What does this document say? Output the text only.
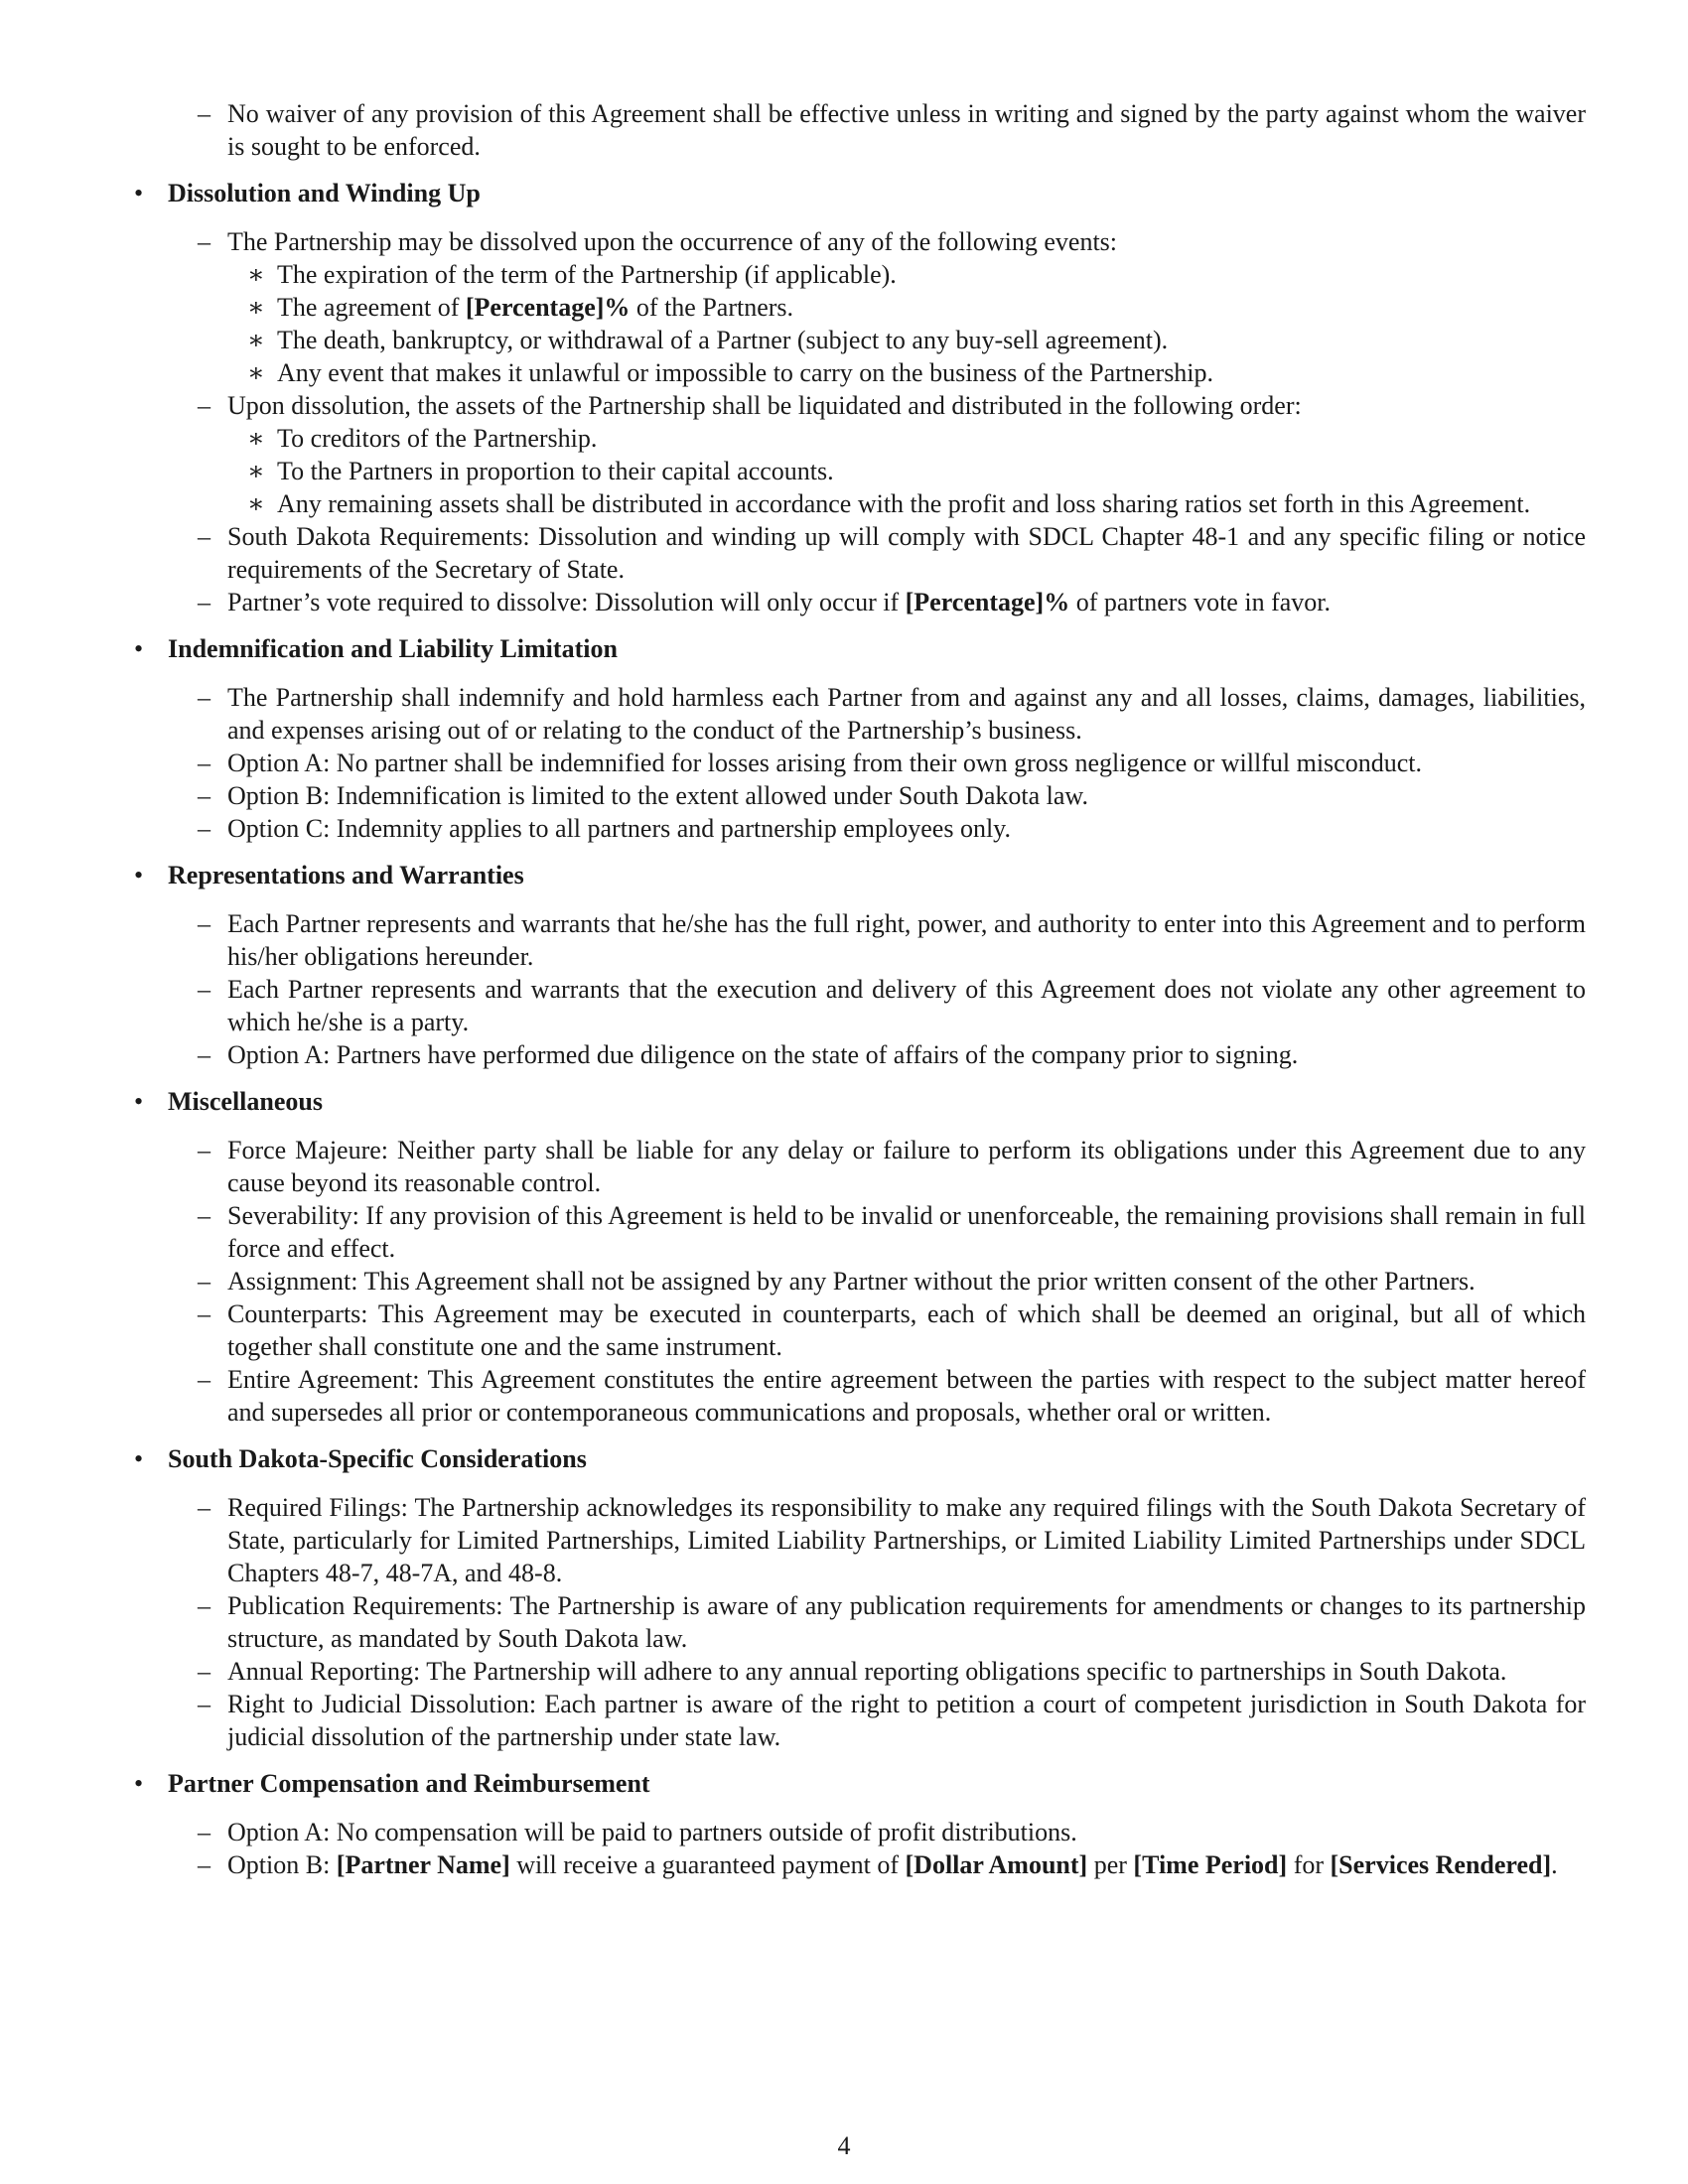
– No waiver of any provision of this Agreement shall be effective unless in writing and signed by the party against whom the waiver is sought to be enforced.
• Dissolution and Winding Up
– The Partnership may be dissolved upon the occurrence of any of the following events:
∗ The expiration of the term of the Partnership (if applicable).
∗ The agreement of [Percentage]% of the Partners.
∗ The death, bankruptcy, or withdrawal of a Partner (subject to any buy-sell agreement).
∗ Any event that makes it unlawful or impossible to carry on the business of the Partnership.
– Upon dissolution, the assets of the Partnership shall be liquidated and distributed in the following order:
∗ To creditors of the Partnership.
∗ To the Partners in proportion to their capital accounts.
∗ Any remaining assets shall be distributed in accordance with the profit and loss sharing ratios set forth in this Agreement.
– South Dakota Requirements: Dissolution and winding up will comply with SDCL Chapter 48-1 and any specific filing or notice requirements of the Secretary of State.
– Partner’s vote required to dissolve: Dissolution will only occur if [Percentage]% of partners vote in favor.
• Indemnification and Liability Limitation
– The Partnership shall indemnify and hold harmless each Partner from and against any and all losses, claims, damages, liabilities, and expenses arising out of or relating to the conduct of the Partnership’s business.
– Option A: No partner shall be indemnified for losses arising from their own gross negligence or willful misconduct.
– Option B: Indemnification is limited to the extent allowed under South Dakota law.
– Option C: Indemnity applies to all partners and partnership employees only.
• Representations and Warranties
– Each Partner represents and warrants that he/she has the full right, power, and authority to enter into this Agreement and to perform his/her obligations hereunder.
– Each Partner represents and warrants that the execution and delivery of this Agreement does not violate any other agreement to which he/she is a party.
– Option A: Partners have performed due diligence on the state of affairs of the company prior to signing.
• Miscellaneous
– Force Majeure: Neither party shall be liable for any delay or failure to perform its obligations under this Agreement due to any cause beyond its reasonable control.
– Severability: If any provision of this Agreement is held to be invalid or unenforceable, the remaining provisions shall remain in full force and effect.
– Assignment: This Agreement shall not be assigned by any Partner without the prior written consent of the other Partners.
– Counterparts: This Agreement may be executed in counterparts, each of which shall be deemed an original, but all of which together shall constitute one and the same instrument.
– Entire Agreement: This Agreement constitutes the entire agreement between the parties with respect to the subject matter hereof and supersedes all prior or contemporaneous communications and proposals, whether oral or written.
• South Dakota-Specific Considerations
– Required Filings: The Partnership acknowledges its responsibility to make any required filings with the South Dakota Secretary of State, particularly for Limited Partnerships, Limited Liability Partnerships, or Limited Liability Limited Partnerships under SDCL Chapters 48-7, 48-7A, and 48-8.
– Publication Requirements: The Partnership is aware of any publication requirements for amendments or changes to its partnership structure, as mandated by South Dakota law.
– Annual Reporting: The Partnership will adhere to any annual reporting obligations specific to partnerships in South Dakota.
– Right to Judicial Dissolution: Each partner is aware of the right to petition a court of competent jurisdiction in South Dakota for judicial dissolution of the partnership under state law.
• Partner Compensation and Reimbursement
– Option A: No compensation will be paid to partners outside of profit distributions.
– Option B: [Partner Name] will receive a guaranteed payment of [Dollar Amount] per [Time Period] for [Services Rendered].
4
